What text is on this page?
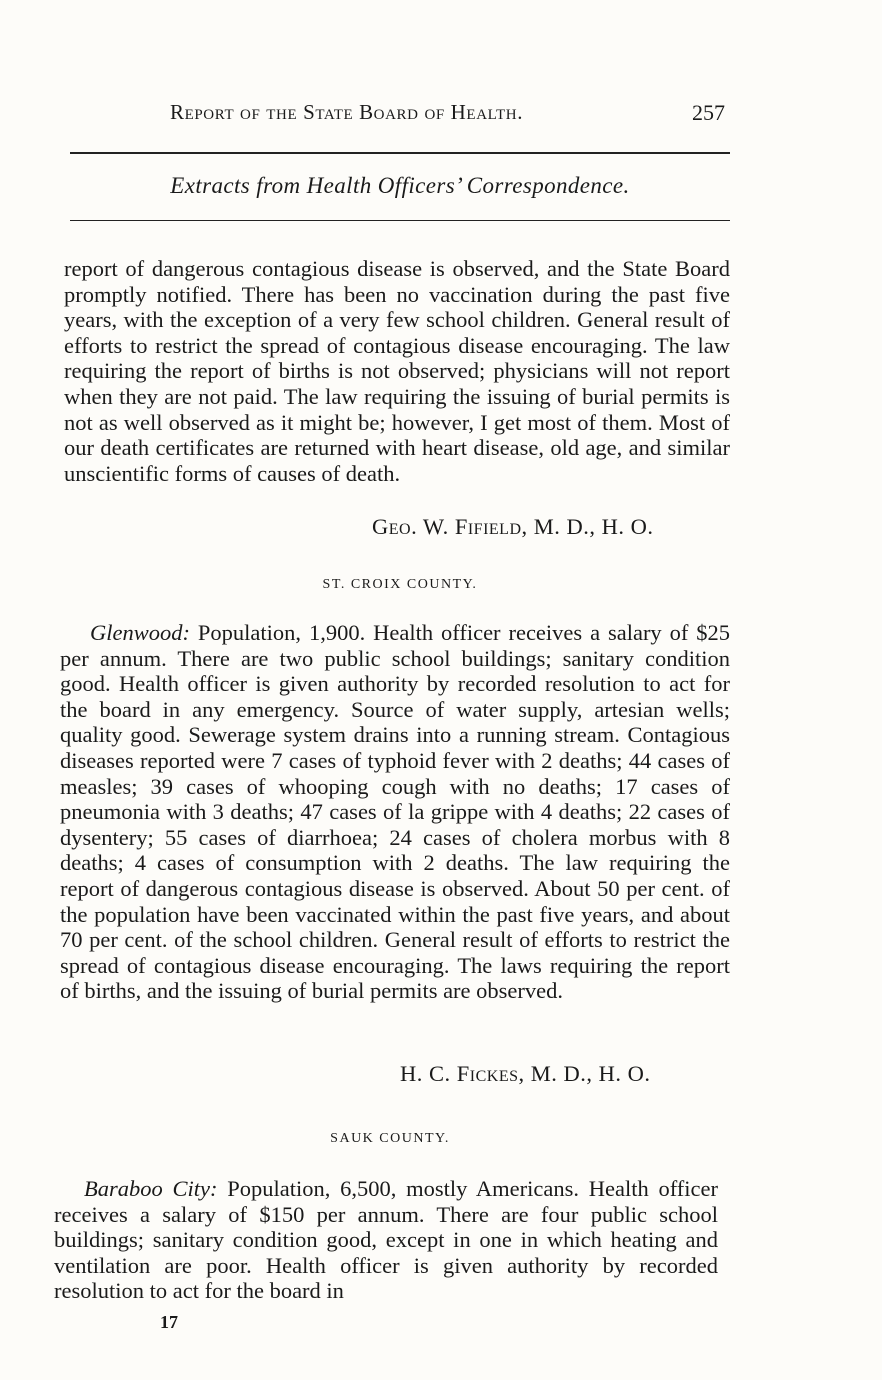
Report of the State Board of Health.	257
Extracts from Health Officers’ Correspondence.
report of dangerous contagious disease is observed, and the State Board promptly notified. There has been no vaccination during the past five years, with the exception of a very few school children. General result of efforts to restrict the spread of contagious disease encouraging. The law requiring the report of births is not observed; physicians will not report when they are not paid. The law requiring the issuing of burial permits is not as well observed as it might be; however, I get most of them. Most of our death certificates are returned with heart disease, old age, and similar unscientific forms of causes of death.
Geo. W. Fifield, M. D., H. O.
ST. CROIX COUNTY.
Glenwood: Population, 1,900. Health officer receives a salary of $25 per annum. There are two public school buildings; sanitary condition good. Health officer is given authority by recorded resolution to act for the board in any emergency. Source of water supply, artesian wells; quality good. Sewerage system drains into a running stream. Contagious diseases reported were 7 cases of typhoid fever with 2 deaths; 44 cases of measles; 39 cases of whooping cough with no deaths; 17 cases of pneumonia with 3 deaths; 47 cases of la grippe with 4 deaths; 22 cases of dysentery; 55 cases of diarrhoea; 24 cases of cholera morbus with 8 deaths; 4 cases of consumption with 2 deaths. The law requiring the report of dangerous contagious disease is observed. About 50 per cent. of the population have been vaccinated within the past five years, and about 70 per cent. of the school children. General result of efforts to restrict the spread of contagious disease encouraging. The laws requiring the report of births, and the issuing of burial permits are observed.
H. C. Fickes, M. D., H. O.
SAUK COUNTY.
Baraboo City: Population, 6,500, mostly Americans. Health officer receives a salary of $150 per annum. There are four public school buildings; sanitary condition good, except in one in which heating and ventilation are poor. Health officer is given authority by recorded resolution to act for the board in
17
